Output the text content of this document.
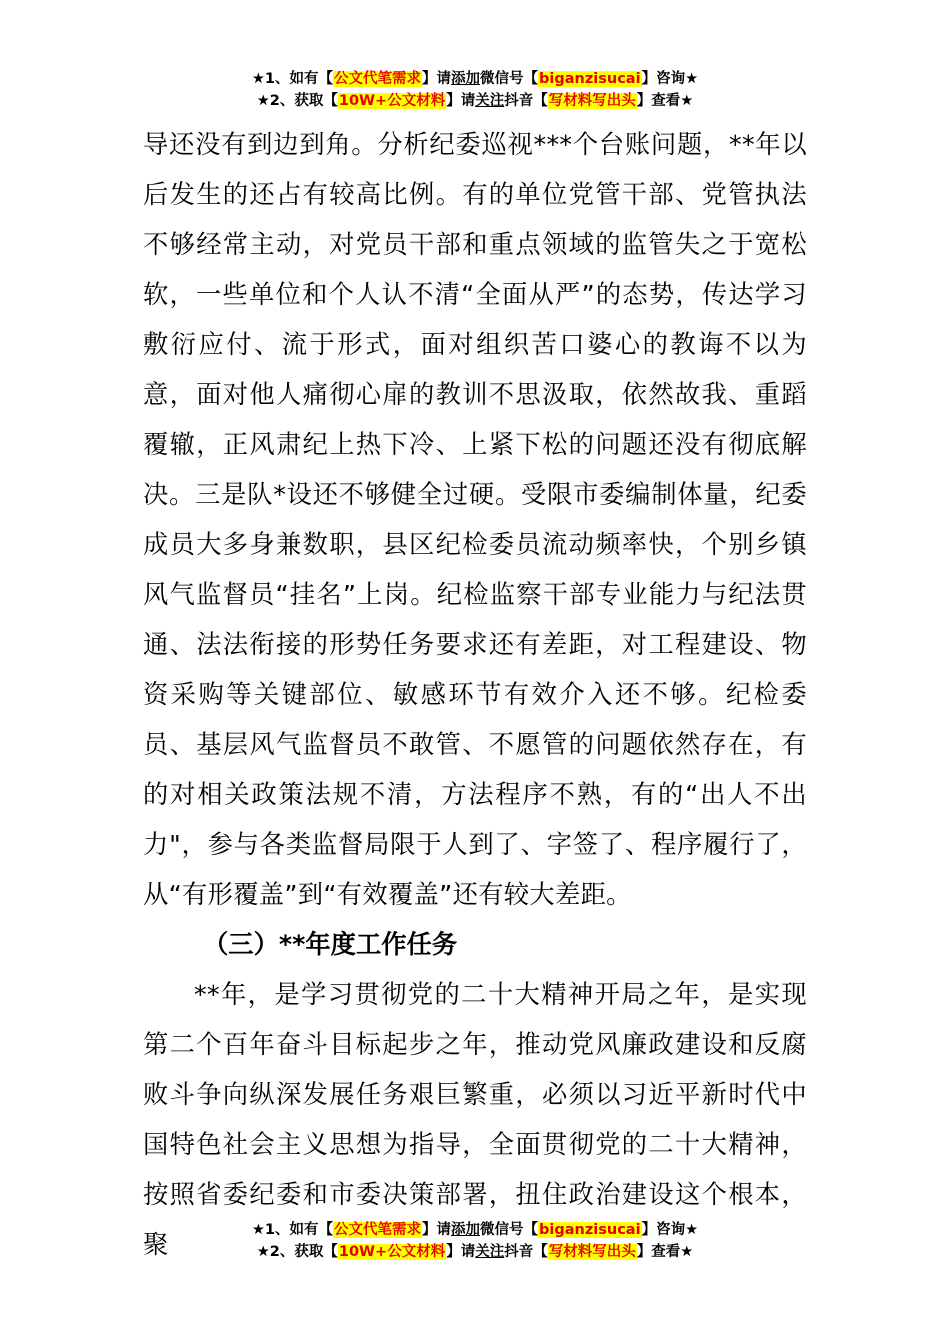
★1、如有【公文代笔需求】请添加微信号【biganzisucai】咨询★
★2、获取【10W+公文材料】请关注抖音【写材料写出头】查看★

导还没有到边到角。分析纪委巡视***个台账问题，**年以后发生的还占有较高比例。有的单位党管干部、党管执法不够经常主动，对党员干部和重点领域的监管失之于宽松软，一些单位和个人认不清“全面从严”的态势，传达学习敷衍应付、流于形式，面对组织苦口婆心的教诲不以为意，面对他人痛彻心扉的教训不思汲取，依然故我、重蹈覆辙，正风肃纪上热下冷、上紧下松的问题还没有彻底解决。三是队*设还不够健全过硬。受限市委编制体量，纪委成员大多身兼数职，县区纪检委员流动频率快，个别乡镇风气监督员“挂名”上岗。纪检监察干部专业能力与纪法贯通、法法衔接的形势任务要求还有差距，对工程建设、物资采购等关键部位、敏感环节有效介入还不够。纪检委员、基层风气监督员不敢管、不愿管的问题依然存在，有的对相关政策法规不清，方法程序不熟，有的“出人不出力"，参与各类监督局限于人到了、字签了、程序履行了，从“有形覆盖”到“有效覆盖”还有较大差距。

（三）**年度工作任务

**年，是学习贯彻党的二十大精神开局之年，是实现第二个百年奋斗目标起步之年，推动党风廉政建设和反腐败斗争向纵深发展任务艰巨繁重，必须以习近平新时代中国特色社会主义思想为指导，全面贯彻党的二十大精神，按照省委纪委和市委决策部署，扭住政治建设这个根本，聚	★1、如有【公文代笔需求】请添加微信号【biganzisucai】咨询★
★2、获取【10W+公文材料】请关注抖音【写材料写出头】查看★
